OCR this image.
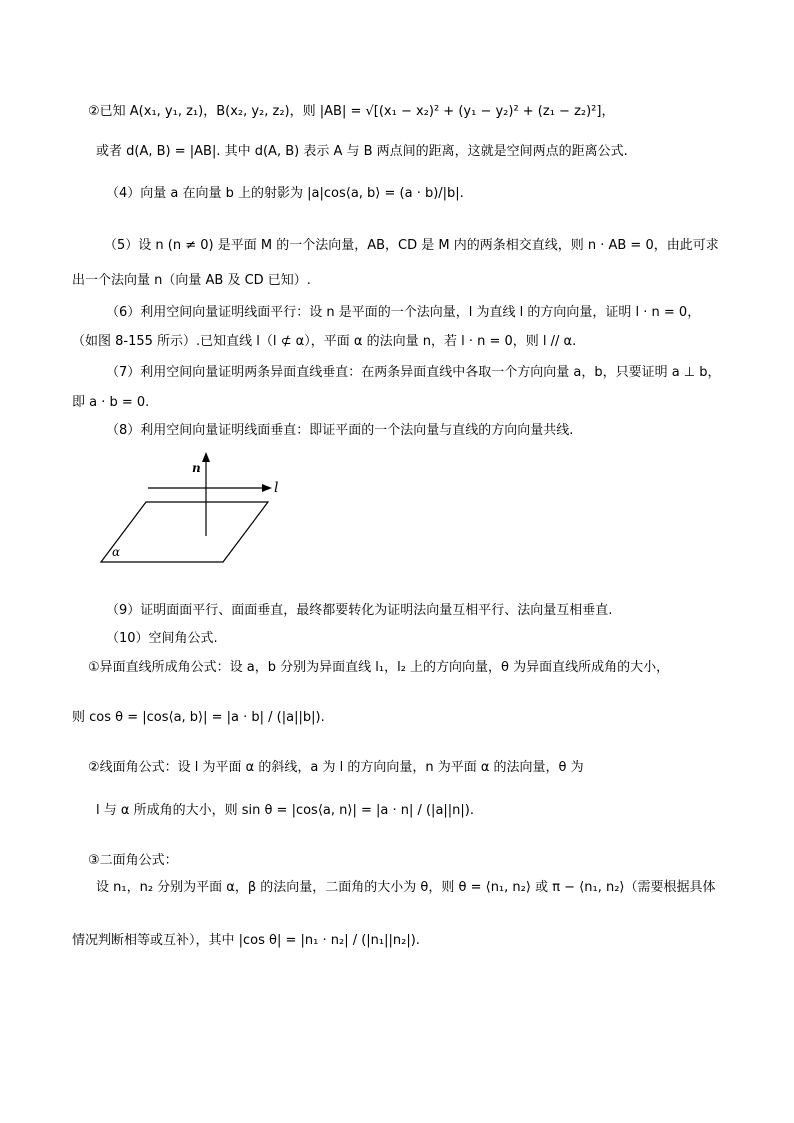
②已知 A(x₁, y₁, z₁)，B(x₂, y₂, z₂)，则 |AB| = √[(x₁ − x₂)² + (y₁ − y₂)² + (z₁ − z₂)²]，
或者 d(A, B) = |AB|. 其中 d(A, B) 表示 A 与 B 两点间的距离，这就是空间两点的距离公式.
（4）向量 a 在向量 b 上的射影为 |a|cos⟨a, b⟩ = (a · b)/|b|.
（5）设 n (n ≠ 0) 是平面 M 的一个法向量，AB，CD 是 M 内的两条相交直线，则 n · AB = 0，由此可求
出一个法向量 n（向量 AB 及 CD 已知）.
（6）利用空间向量证明线面平行：设 n 是平面的一个法向量，l 为直线 l 的方向向量，证明 l · n = 0，
（如图 8-155 所示）.已知直线 l（l ⊄ α），平面 α 的法向量 n，若 l · n = 0，则 l // α.
（7）利用空间向量证明两条异面直线垂直：在两条异面直线中各取一个方向向量 a，b，只要证明 a ⊥ b，
即 a · b = 0.
（8）利用空间向量证明线面垂直：即证平面的一个法向量与直线的方向向量共线.
（9）证明面面平行、面面垂直，最终都要转化为证明法向量互相平行、法向量互相垂直.
（10）空间角公式.
①异面直线所成角公式：设 a，b 分别为异面直线 l₁，l₂ 上的方向向量，θ 为异面直线所成角的大小，
则 cos θ = |cos⟨a, b⟩| = |a · b| / (|a||b|).
②线面角公式：设 l 为平面 α 的斜线，a 为 l 的方向向量，n 为平面 α 的法向量，θ 为
l 与 α 所成角的大小，则 sin θ = |cos⟨a, n⟩| = |a · n| / (|a||n|).
③二面角公式：
设 n₁，n₂ 分别为平面 α，β 的法向量，二面角的大小为 θ，则 θ = ⟨n₁, n₂⟩ 或 π − ⟨n₁, n₂⟩（需要根据具体
情况判断相等或互补），其中 |cos θ| = |n₁ · n₂| / (|n₁||n₂|).
n
l
α
